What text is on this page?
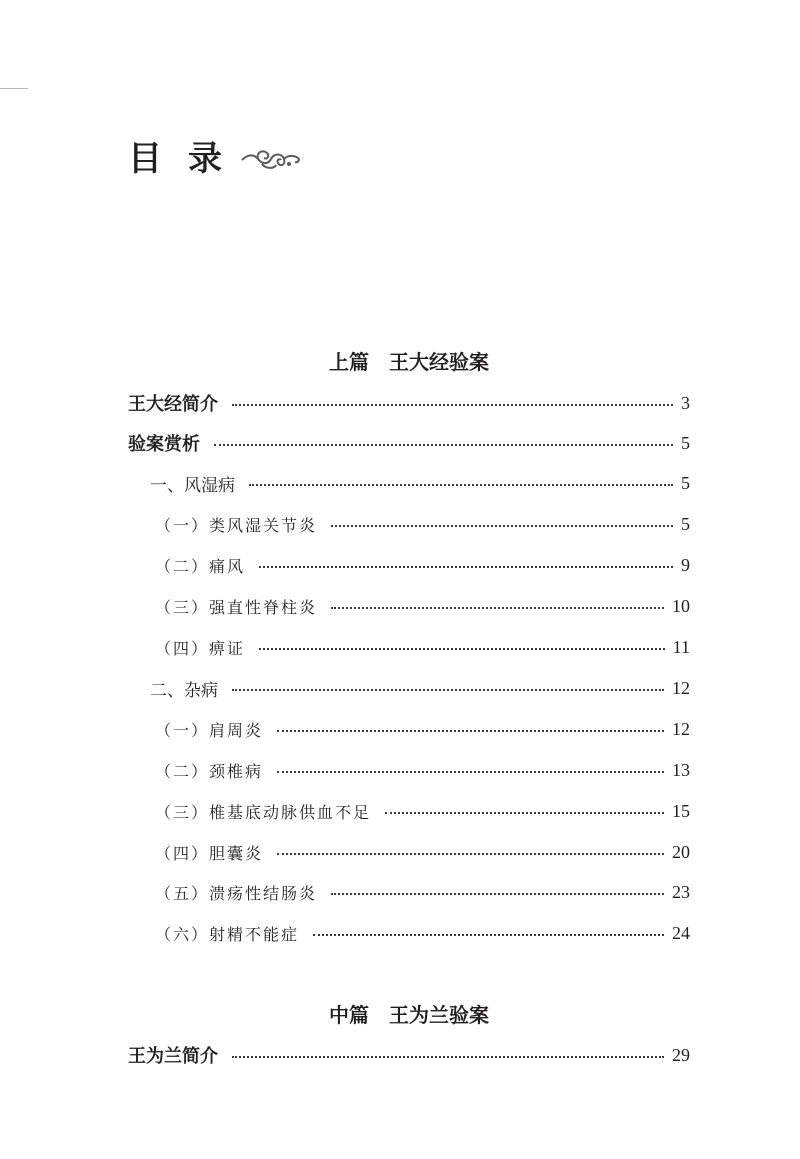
目录
上篇　王大经验案
王大经简介	3
验案赏析	5
一、风湿病	5
（一）类风湿关节炎	5
（二）痛风	9
（三）强直性脊柱炎	10
（四）痹证	11
二、杂病	12
（一）肩周炎	12
（二）颈椎病	13
（三）椎基底动脉供血不足	15
（四）胆囊炎	20
（五）溃疡性结肠炎	23
（六）射精不能症	24
中篇　王为兰验案
王为兰简介	29
